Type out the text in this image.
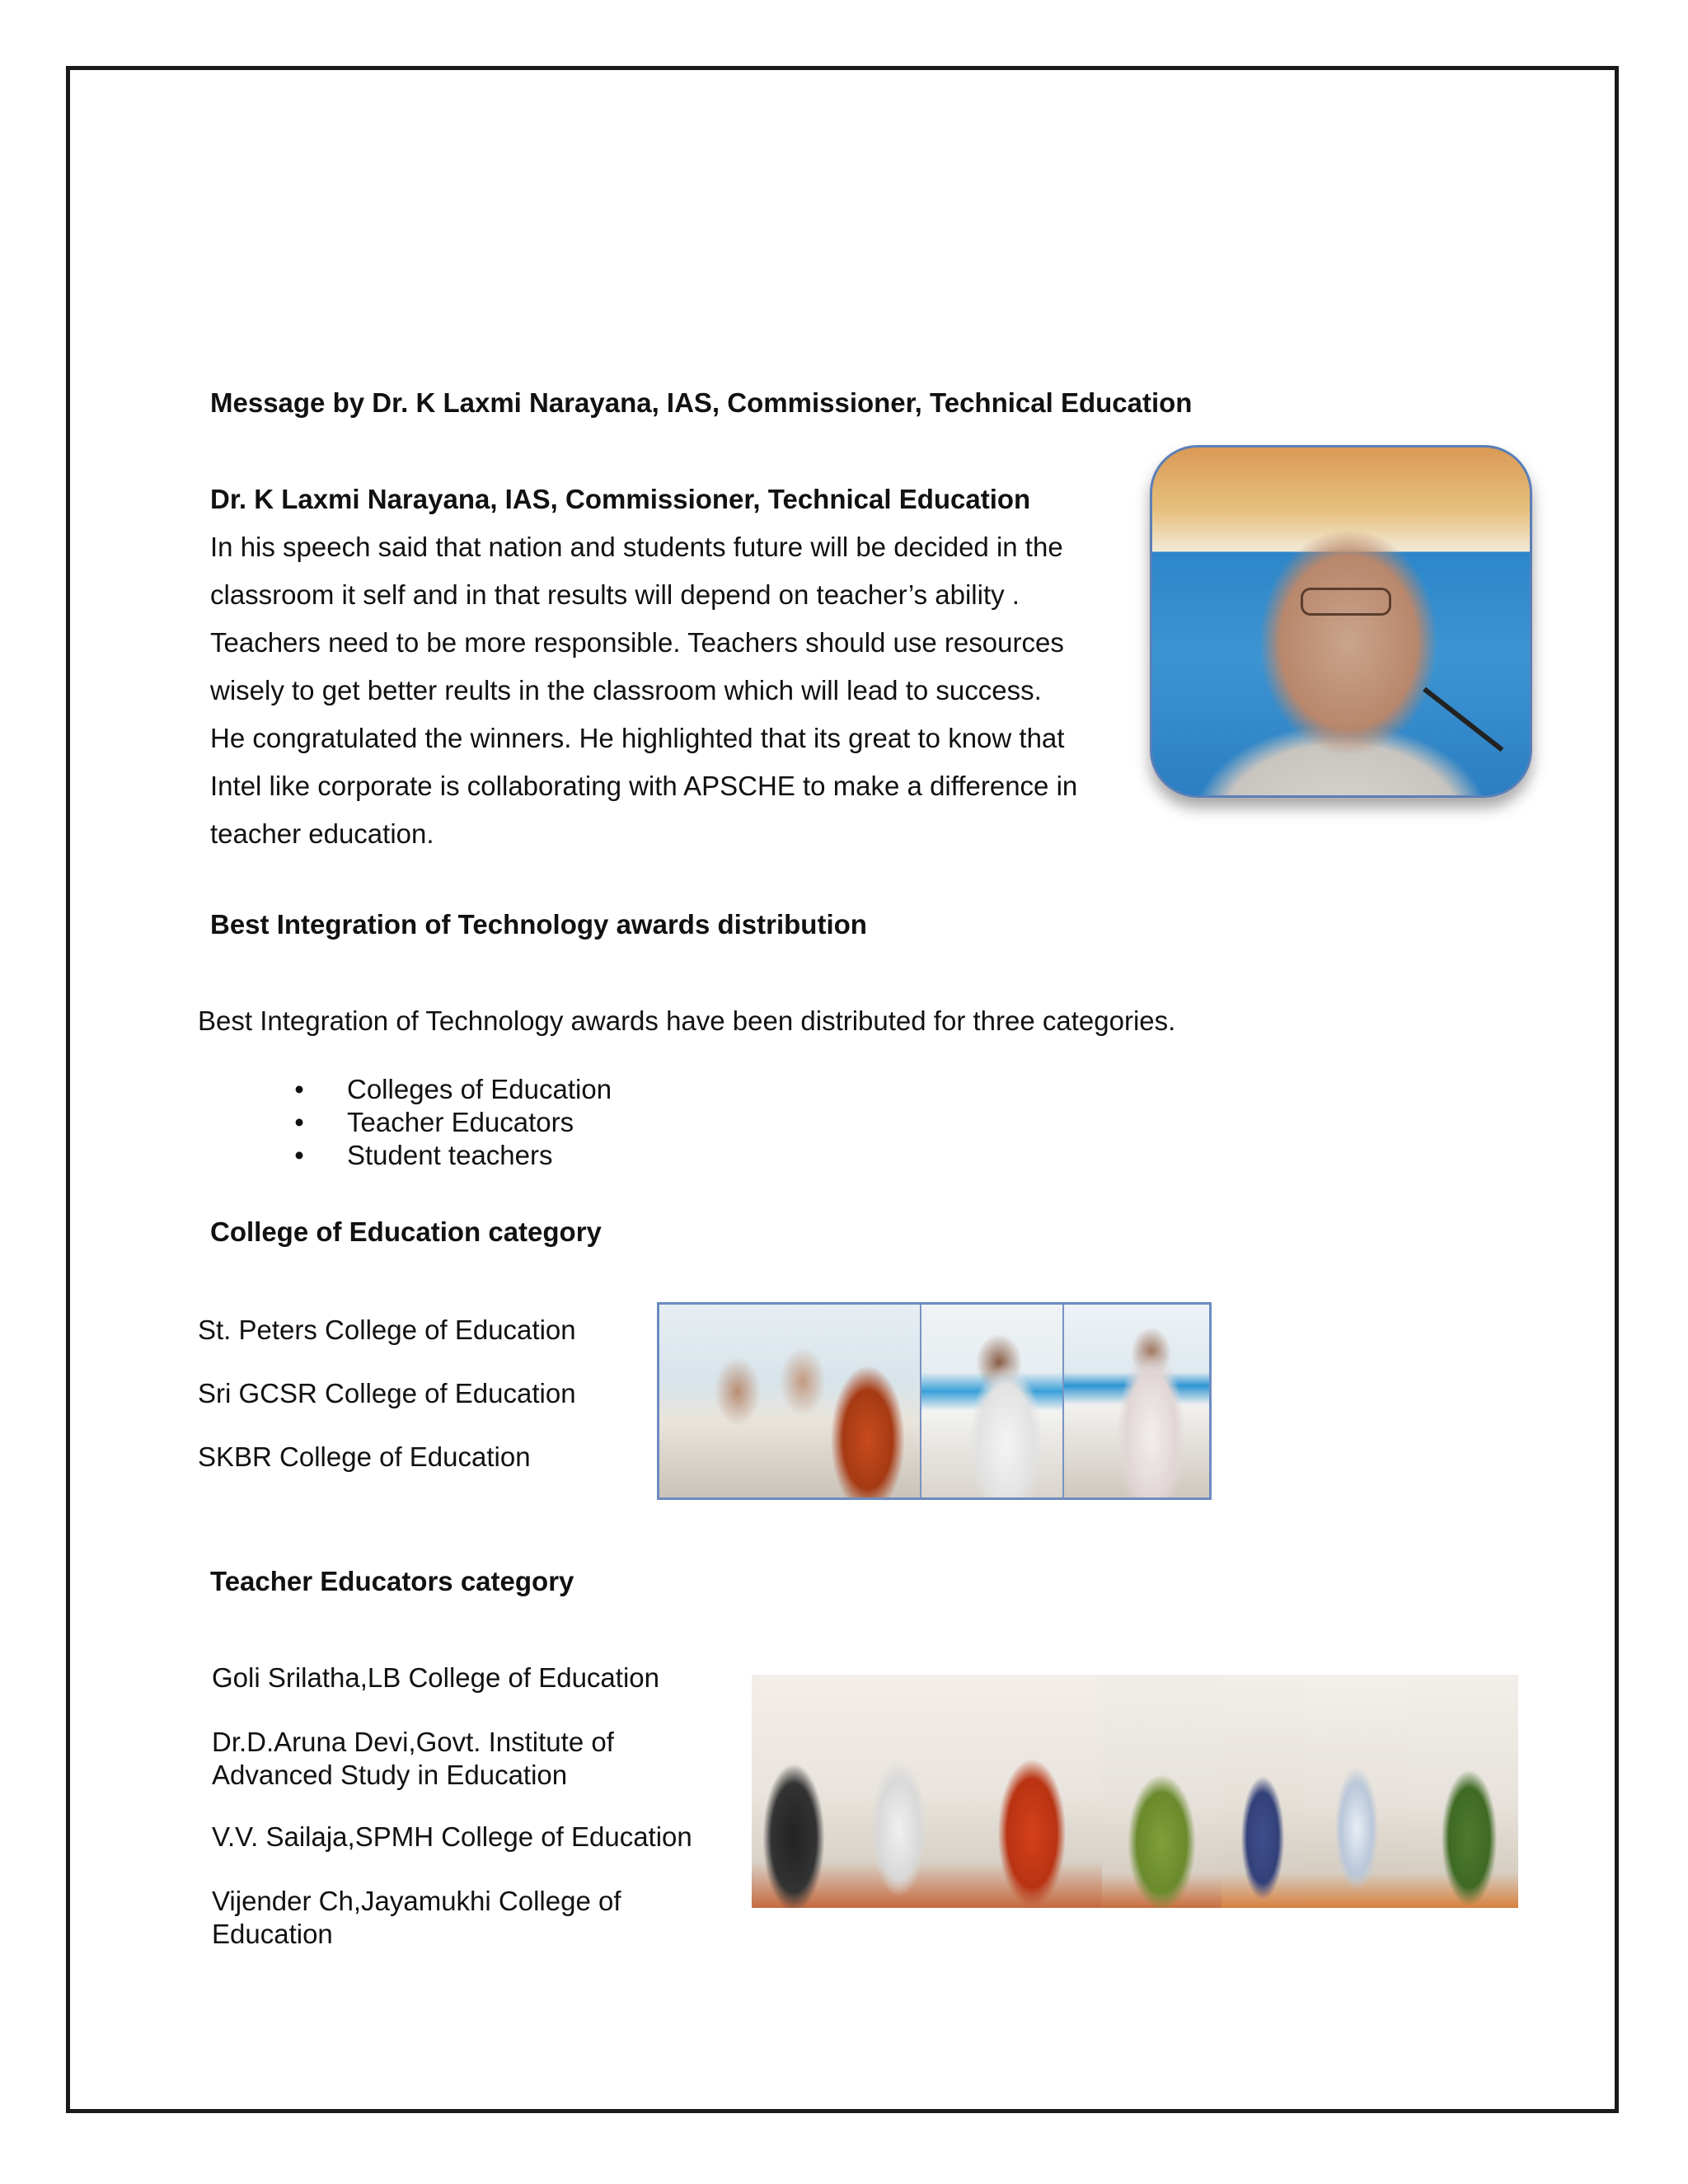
Message by Dr. K Laxmi Narayana, IAS, Commissioner, Technical Education
Dr. K Laxmi Narayana, IAS, Commissioner, Technical Education
In his speech said that nation and students future will be decided in the
classroom it self and in that results will depend on teacher’s ability .
Teachers need to be more responsible. Teachers should use resources
wisely to get better reults in the classroom which will lead to success.
He congratulated the winners. He highlighted that its great to know that
Intel like corporate is collaborating with APSCHE to make a difference in
teacher education.
Best Integration of Technology awards distribution
Best Integration of Technology awards have been distributed for three categories.
•	Colleges of Education
•	Teacher Educators
•	Student teachers
College of Education category
St. Peters College of Education
Sri GCSR College of Education
SKBR College of Education
Teacher Educators category
Goli Srilatha,LB College of Education
Dr.D.Aruna Devi,Govt. Institute of
Advanced Study in Education
V.V. Sailaja,SPMH College of Education
Vijender Ch,Jayamukhi College of
Education
